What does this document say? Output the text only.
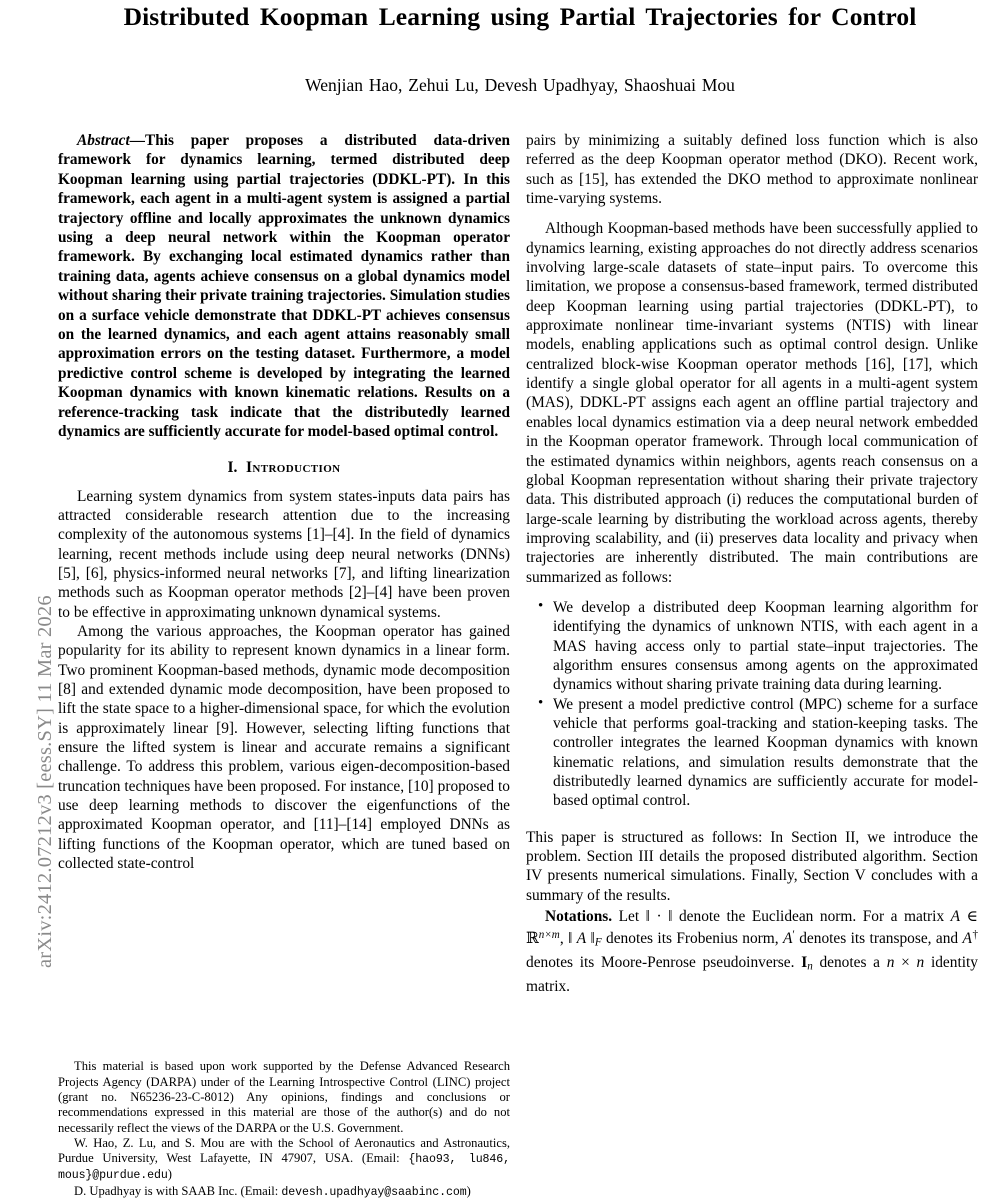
arXiv:2412.07212v3 [eess.SY] 11 Mar 2026
Distributed Koopman Learning using Partial Trajectories for Control
Wenjian Hao, Zehui Lu, Devesh Upadhyay, Shaoshuai Mou

Abstract—This paper proposes a distributed data-driven framework for dynamics learning, termed distributed deep Koopman learning using partial trajectories (DDKL-PT). In this framework, each agent in a multi-agent system is assigned a partial trajectory offline and locally approximates the unknown dynamics using a deep neural network within the Koopman operator framework. By exchanging local estimated dynamics rather than training data, agents achieve consensus on a global dynamics model without sharing their private training trajectories. Simulation studies on a surface vehicle demonstrate that DDKL-PT achieves consensus on the learned dynamics, and each agent attains reasonably small approximation errors on the testing dataset. Furthermore, a model predictive control scheme is developed by integrating the learned Koopman dynamics with known kinematic relations. Results on a reference-tracking task indicate that the distributedly learned dynamics are sufficiently accurate for model-based optimal control.

I. Introduction

Learning system dynamics from system states-inputs data pairs has attracted considerable research attention due to the increasing complexity of the autonomous systems [1]–[4]. In the field of dynamics learning, recent methods include using deep neural networks (DNNs) [5], [6], physics-informed neural networks [7], and lifting linearization methods such as Koopman operator methods [2]–[4] have been proven to be effective in approximating unknown dynamical systems.

Among the various approaches, the Koopman operator has gained popularity for its ability to represent known dynamics in a linear form. Two prominent Koopman-based methods, dynamic mode decomposition [8] and extended dynamic mode decomposition, have been proposed to lift the state space to a higher-dimensional space, for which the evolution is approximately linear [9]. However, selecting lifting functions that ensure the lifted system is linear and accurate remains a significant challenge. To address this problem, various eigen-decomposition-based truncation techniques have been proposed. For instance, [10] proposed to use deep learning methods to discover the eigenfunctions of the approximated Koopman operator, and [11]–[14] employed DNNs as lifting functions of the Koopman operator, which are tuned based on collected state-control

This material is based upon work supported by the Defense Advanced Research Projects Agency (DARPA) under of the Learning Introspective Control (LINC) project (grant no. N65236-23-C-8012) Any opinions, findings and conclusions or recommendations expressed in this material are those of the author(s) and do not necessarily reflect the views of the DARPA or the U.S. Government.

W. Hao, Z. Lu, and S. Mou are with the School of Aeronautics and Astronautics, Purdue University, West Lafayette, IN 47907, USA. (Email: {hao93, lu846, mous}@purdue.edu)

D. Upadhyay is with SAAB Inc. (Email: devesh.upadhyay@saabinc.com)

pairs by minimizing a suitably defined loss function which is also referred as the deep Koopman operator method (DKO). Recent work, such as [15], has extended the DKO method to approximate nonlinear time-varying systems.

Although Koopman-based methods have been successfully applied to dynamics learning, existing approaches do not directly address scenarios involving large-scale datasets of state–input pairs. To overcome this limitation, we propose a consensus-based framework, termed distributed deep Koopman learning using partial trajectories (DDKL-PT), to approximate nonlinear time-invariant systems (NTIS) with linear models, enabling applications such as optimal control design. Unlike centralized block-wise Koopman operator methods [16], [17], which identify a single global operator for all agents in a multi-agent system (MAS), DDKL-PT assigns each agent an offline partial trajectory and enables local dynamics estimation via a deep neural network embedded in the Koopman operator framework. Through local communication of the estimated dynamics within neighbors, agents reach consensus on a global Koopman representation without sharing their private trajectory data. This distributed approach (i) reduces the computational burden of large-scale learning by distributing the workload across agents, thereby improving scalability, and (ii) preserves data locality and privacy when trajectories are inherently distributed. The main contributions are summarized as follows:

• We develop a distributed deep Koopman learning algorithm for identifying the dynamics of unknown NTIS, with each agent in a MAS having access only to partial state–input trajectories. The algorithm ensures consensus among agents on the approximated dynamics without sharing private training data during learning.
• We present a model predictive control (MPC) scheme for a surface vehicle that performs goal-tracking and station-keeping tasks. The controller integrates the learned Koopman dynamics with known kinematic relations, and simulation results demonstrate that the distributedly learned dynamics are sufficiently accurate for model-based optimal control.

This paper is structured as follows: In Section II, we introduce the problem. Section III details the proposed distributed algorithm. Section IV presents numerical simulations. Finally, Section V concludes with a summary of the results.

Notations. Let ‖ · ‖ denote the Euclidean norm. For a matrix A ∈ ℝ$^{n\times m}$, ‖ A ‖F denotes its Frobenius norm, A′ denotes its transpose, and A† denotes its Moore-Penrose pseudoinverse. In denotes a n × n identity matrix.
